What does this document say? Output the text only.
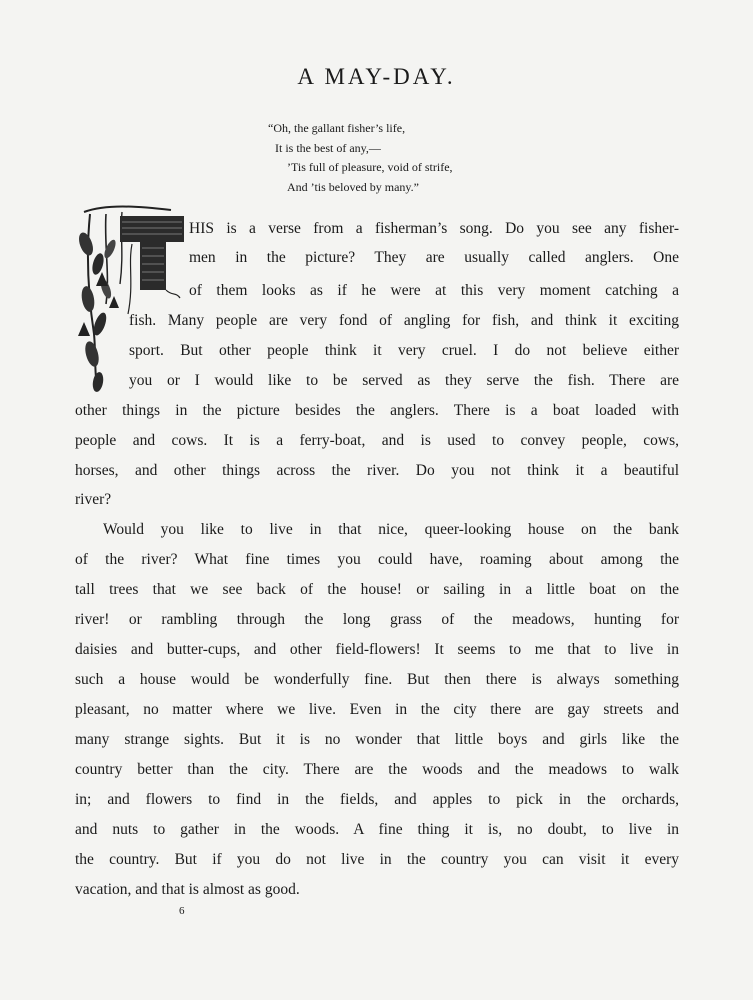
A MAY-DAY.
“Oh, the gallant fisher’s life,
It is the best of any,—
’Tis full of pleasure, void of strife,
And ’tis beloved by many.”
HIS is a verse from a fisherman’s song. Do you see any fisher-
men in the picture? They are usually called anglers. One
of them looks as if he were at this very moment catching a
fish. Many people are very fond of angling for fish, and think it exciting
sport. But other people think it very cruel. I do not believe either
you or I would like to be served as they serve the fish. There are
other things in the picture besides the anglers. There is a boat loaded with
people and cows. It is a ferry-boat, and is used to convey people, cows,
horses, and other things across the river. Do you not think it a beautiful
river?
Would you like to live in that nice, queer-looking house on the bank
of the river? What fine times you could have, roaming about among the
tall trees that we see back of the house! or sailing in a little boat on the
river! or rambling through the long grass of the meadows, hunting for
daisies and butter-cups, and other field-flowers! It seems to me that to live in
such a house would be wonderfully fine. But then there is always something
pleasant, no matter where we live. Even in the city there are gay streets and
many strange sights. But it is no wonder that little boys and girls like the
country better than the city. There are the woods and the meadows to walk
in; and flowers to find in the fields, and apples to pick in the orchards,
and nuts to gather in the woods. A fine thing it is, no doubt, to live in
the country. But if you do not live in the country you can visit it every
vacation, and that is almost as good.
6
